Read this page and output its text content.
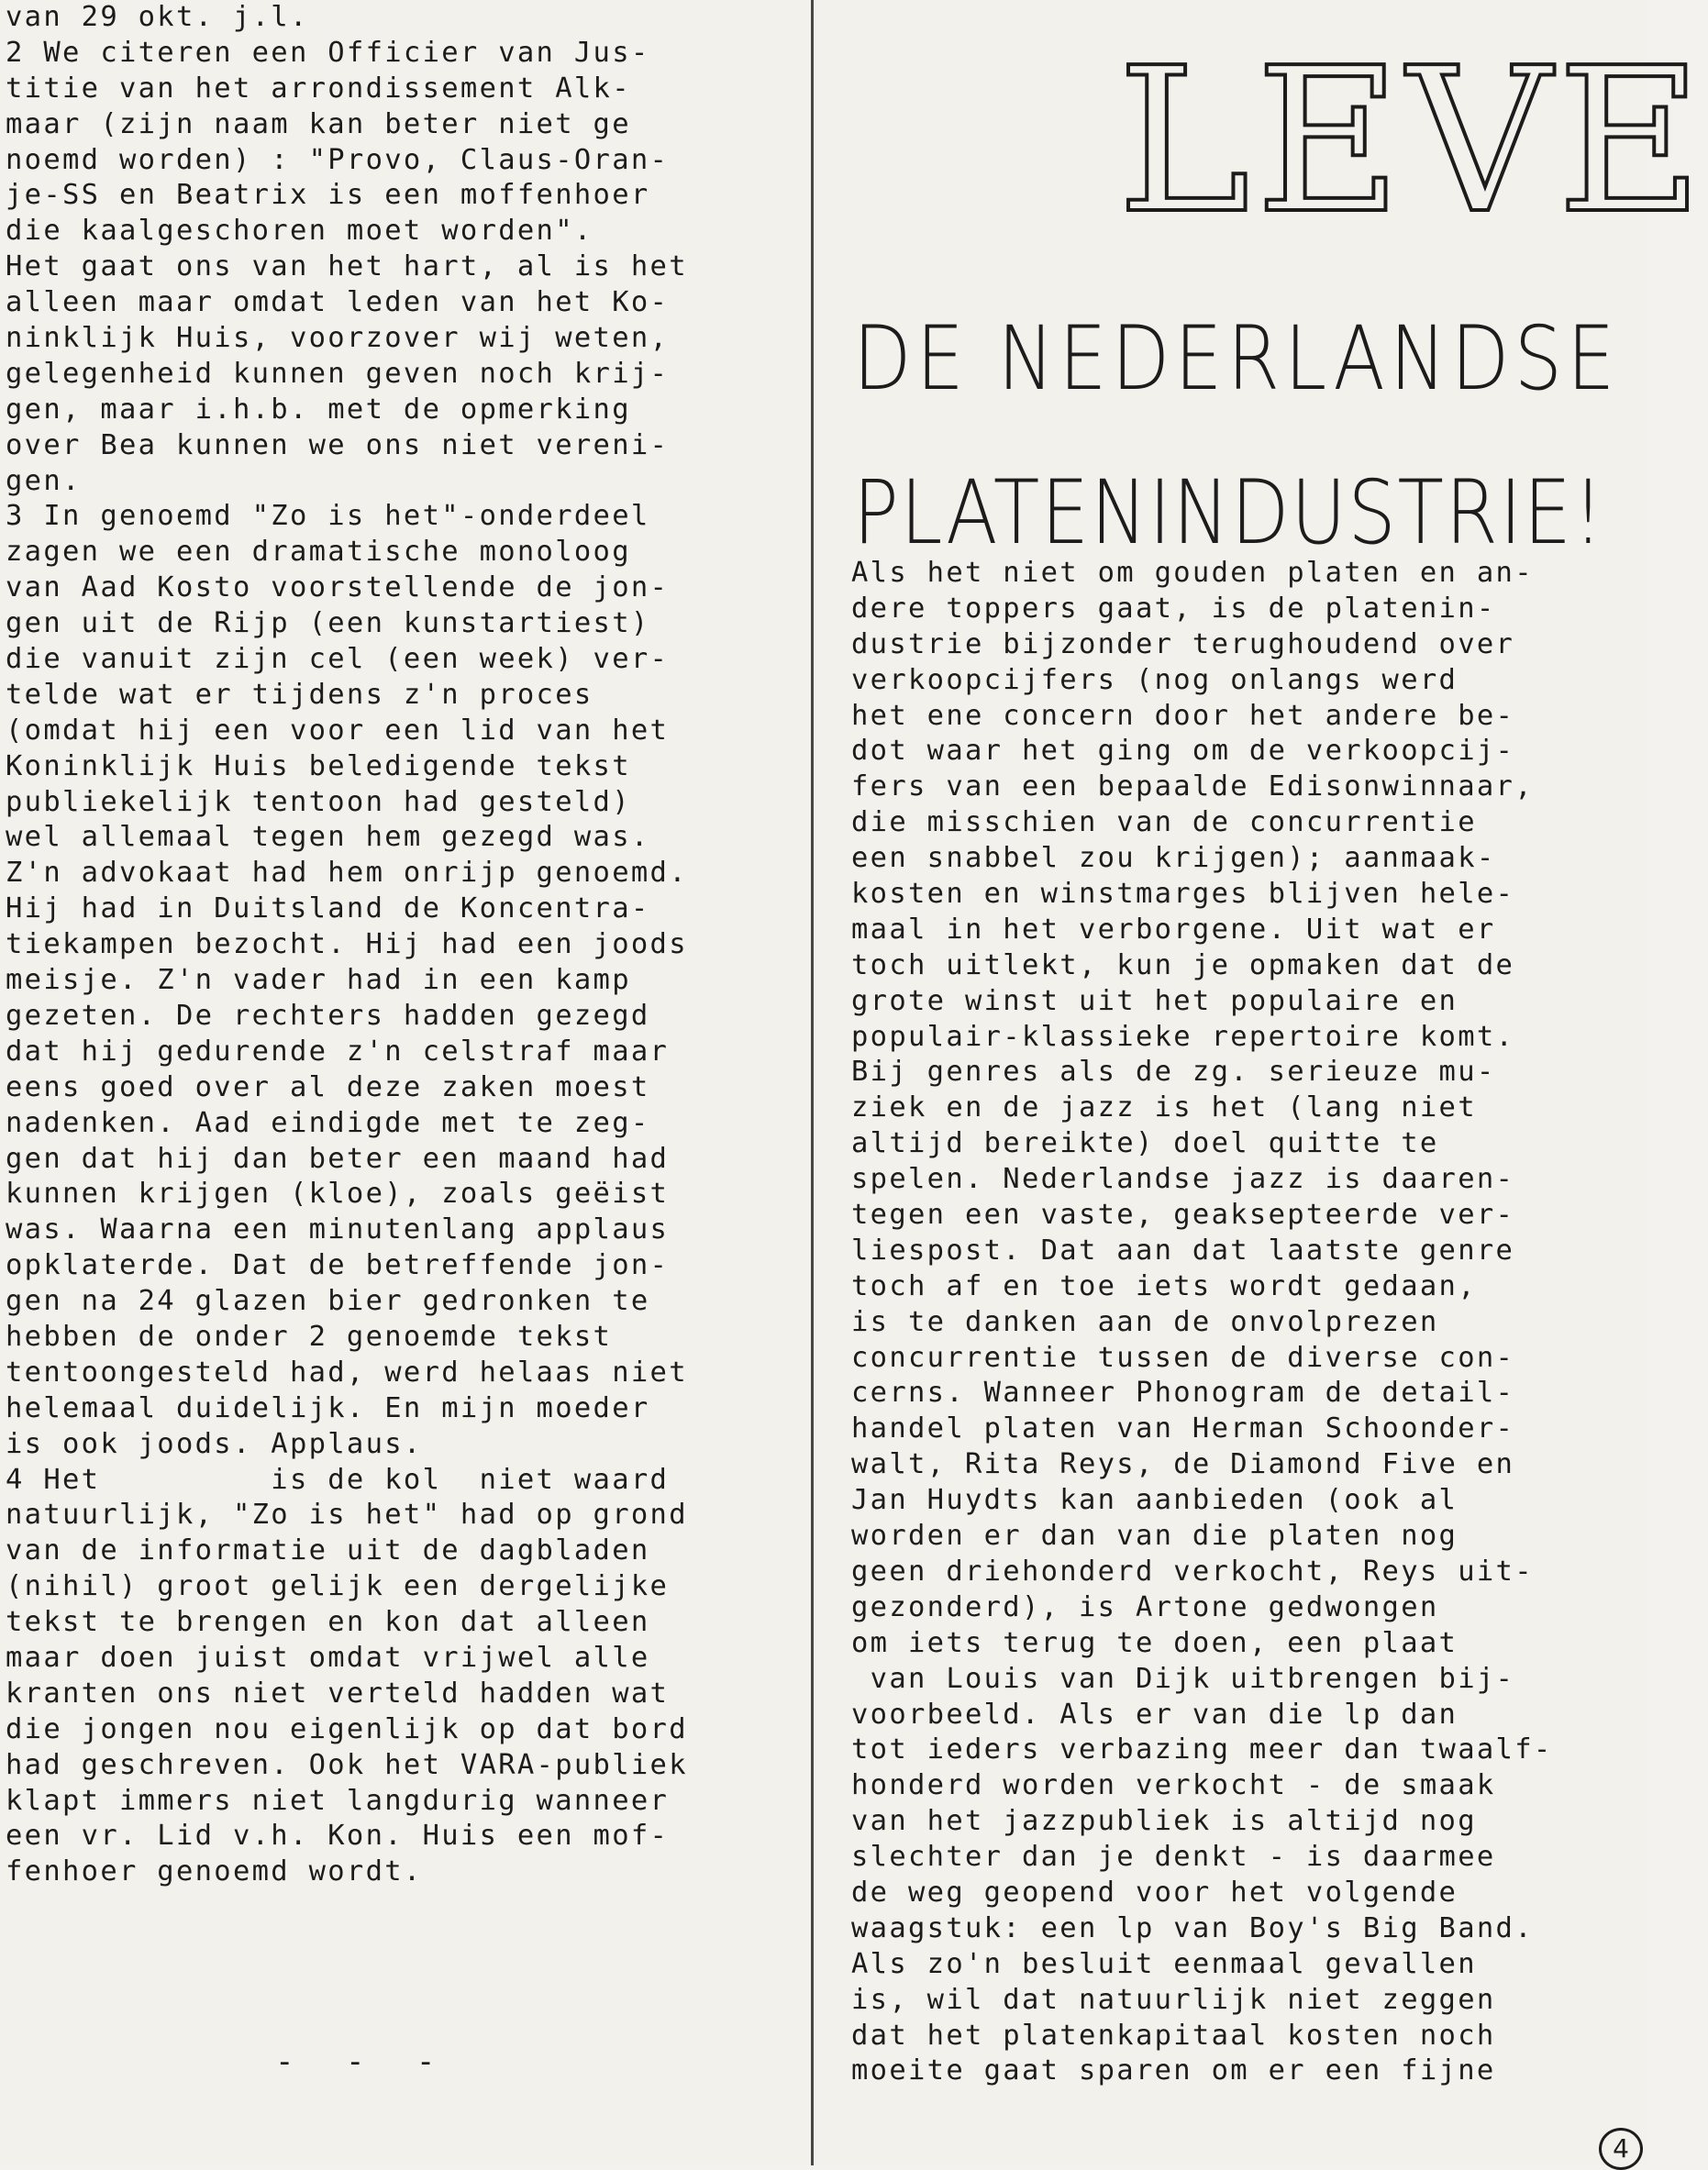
van 29 okt. j.l.
2 We citeren een Officier van Jus-
titie van het arrondissement Alk-
maar (zijn naam kan beter niet ge
noemd worden) : "Provo, Claus-Oran-
je-SS en Beatrix is een moffenhoer
die kaalgeschoren moet worden".
Het gaat ons van het hart, al is het
alleen maar omdat leden van het Ko-
ninklijk Huis, voorzover wij weten,
gelegenheid kunnen geven noch krij-
gen, maar i.h.b. met de opmerking
over Bea kunnen we ons niet vereni-
gen.
3 In genoemd "Zo is het"-onderdeel
zagen we een dramatische monoloog
van Aad Kosto voorstellende de jon-
gen uit de Rijp (een kunstartiest)
die vanuit zijn cel (een week) ver-
telde wat er tijdens z'n proces
(omdat hij een voor een lid van het
Koninklijk Huis beledigende tekst
publiekelijk tentoon had gesteld)
wel allemaal tegen hem gezegd was.
Z'n advokaat had hem onrijp genoemd.
Hij had in Duitsland de Koncentra-
tiekampen bezocht. Hij had een joods
meisje. Z'n vader had in een kamp
gezeten. De rechters hadden gezegd
dat hij gedurende z'n celstraf maar
eens goed over al deze zaken moest
nadenken. Aad eindigde met te zeg-
gen dat hij dan beter een maand had
kunnen krijgen (kloe), zoals geëist
was. Waarna een minutenlang applaus
opklaterde. Dat de betreffende jon-
gen na 24 glazen bier gedronken te
hebben de onder 2 genoemde tekst
tentoongesteld had, werd helaas niet
helemaal duidelijk. En mijn moeder
is ook joods. Applaus.
4 Het         is de kol  niet waard
natuurlijk, "Zo is het" had op grond
van de informatie uit de dagbladen
(nihil) groot gelijk een dergelijke
tekst te brengen en kon dat alleen
maar doen juist omdat vrijwel alle
kranten ons niet verteld hadden wat
die jongen nou eigenlijk op dat bord
had geschreven. Ook het VARA-publiek
klapt immers niet langdurig wanneer
een vr. Lid v.h. Kon. Huis een mof-
fenhoer genoemd wordt.
- - -
LEVE
DE NEDERLANDSE
PLATENINDUSTRIE!
Als het niet om gouden platen en an-
dere toppers gaat, is de platenin-
dustrie bijzonder terughoudend over
verkoopcijfers (nog onlangs werd
het ene concern door het andere be-
dot waar het ging om de verkoopcij-
fers van een bepaalde Edisonwinnaar,
die misschien van de concurrentie
een snabbel zou krijgen); aanmaak-
kosten en winstmarges blijven hele-
maal in het verborgene. Uit wat er
toch uitlekt, kun je opmaken dat de
grote winst uit het populaire en
populair-klassieke repertoire komt.
Bij genres als de zg. serieuze mu-
ziek en de jazz is het (lang niet
altijd bereikte) doel quitte te
spelen. Nederlandse jazz is daaren-
tegen een vaste, geaksepteerde ver-
liespost. Dat aan dat laatste genre
toch af en toe iets wordt gedaan,
is te danken aan de onvolprezen
concurrentie tussen de diverse con-
cerns. Wanneer Phonogram de detail-
handel platen van Herman Schoonder-
walt, Rita Reys, de Diamond Five en
Jan Huydts kan aanbieden (ook al
worden er dan van die platen nog
geen driehonderd verkocht, Reys uit-
gezonderd), is Artone gedwongen
om iets terug te doen, een plaat
van Louis van Dijk uitbrengen bij-
voorbeeld. Als er van die lp dan
tot ieders verbazing meer dan twaalf-
honderd worden verkocht - de smaak
van het jazzpubliek is altijd nog
slechter dan je denkt - is daarmee
de weg geopend voor het volgende
waagstuk: een lp van Boy's Big Band.
Als zo'n besluit eenmaal gevallen
is, wil dat natuurlijk niet zeggen
dat het platenkapitaal kosten noch
moeite gaat sparen om er een fijne
4
